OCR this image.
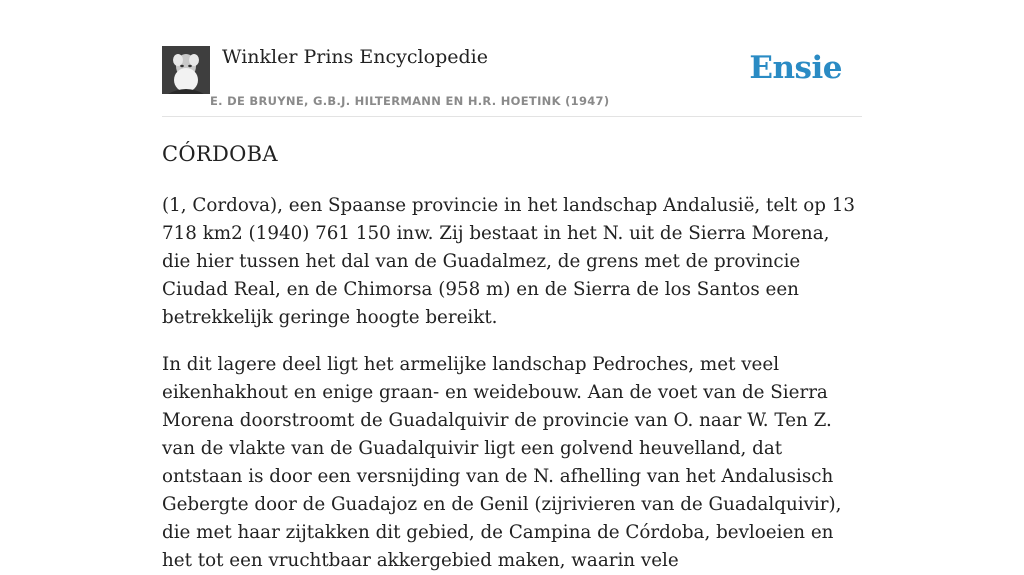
Winkler Prins Encyclopedie
E. DE BRUYNE, G.B.J. HILTERMANN EN H.R. HOETINK (1947)
Ensie
CÓRDOBA

(1, Cordova), een Spaanse provincie in het landschap Andalusië, telt op 13 718 km2 (1940) 761 150 inw. Zij bestaat in het N. uit de Sierra Morena, die hier tussen het dal van de Guadalmez, de grens met de provincie Ciudad Real, en de Chimorsa (958 m) en de Sierra de los Santos een betrekkelijk geringe hoogte bereikt.

In dit lagere deel ligt het armelijke landschap Pedroches, met veel eikenhakhout en enige graan- en weidebouw. Aan de voet van de Sierra Morena doorstroomt de Guadalquivir de provincie van O. naar W. Ten Z. van de vlakte van de Guadalquivir ligt een golvend heuvelland, dat ontstaan is door een versnijding van de N. afhelling van het Andalusisch Gebergte door de Guadajoz en de Genil (zijrivieren van de Guadalquivir), die met haar zijtakken dit gebied, de Campina de Córdoba, bevloeien en het tot een vruchtbaar akkergebied maken, waarin vele
